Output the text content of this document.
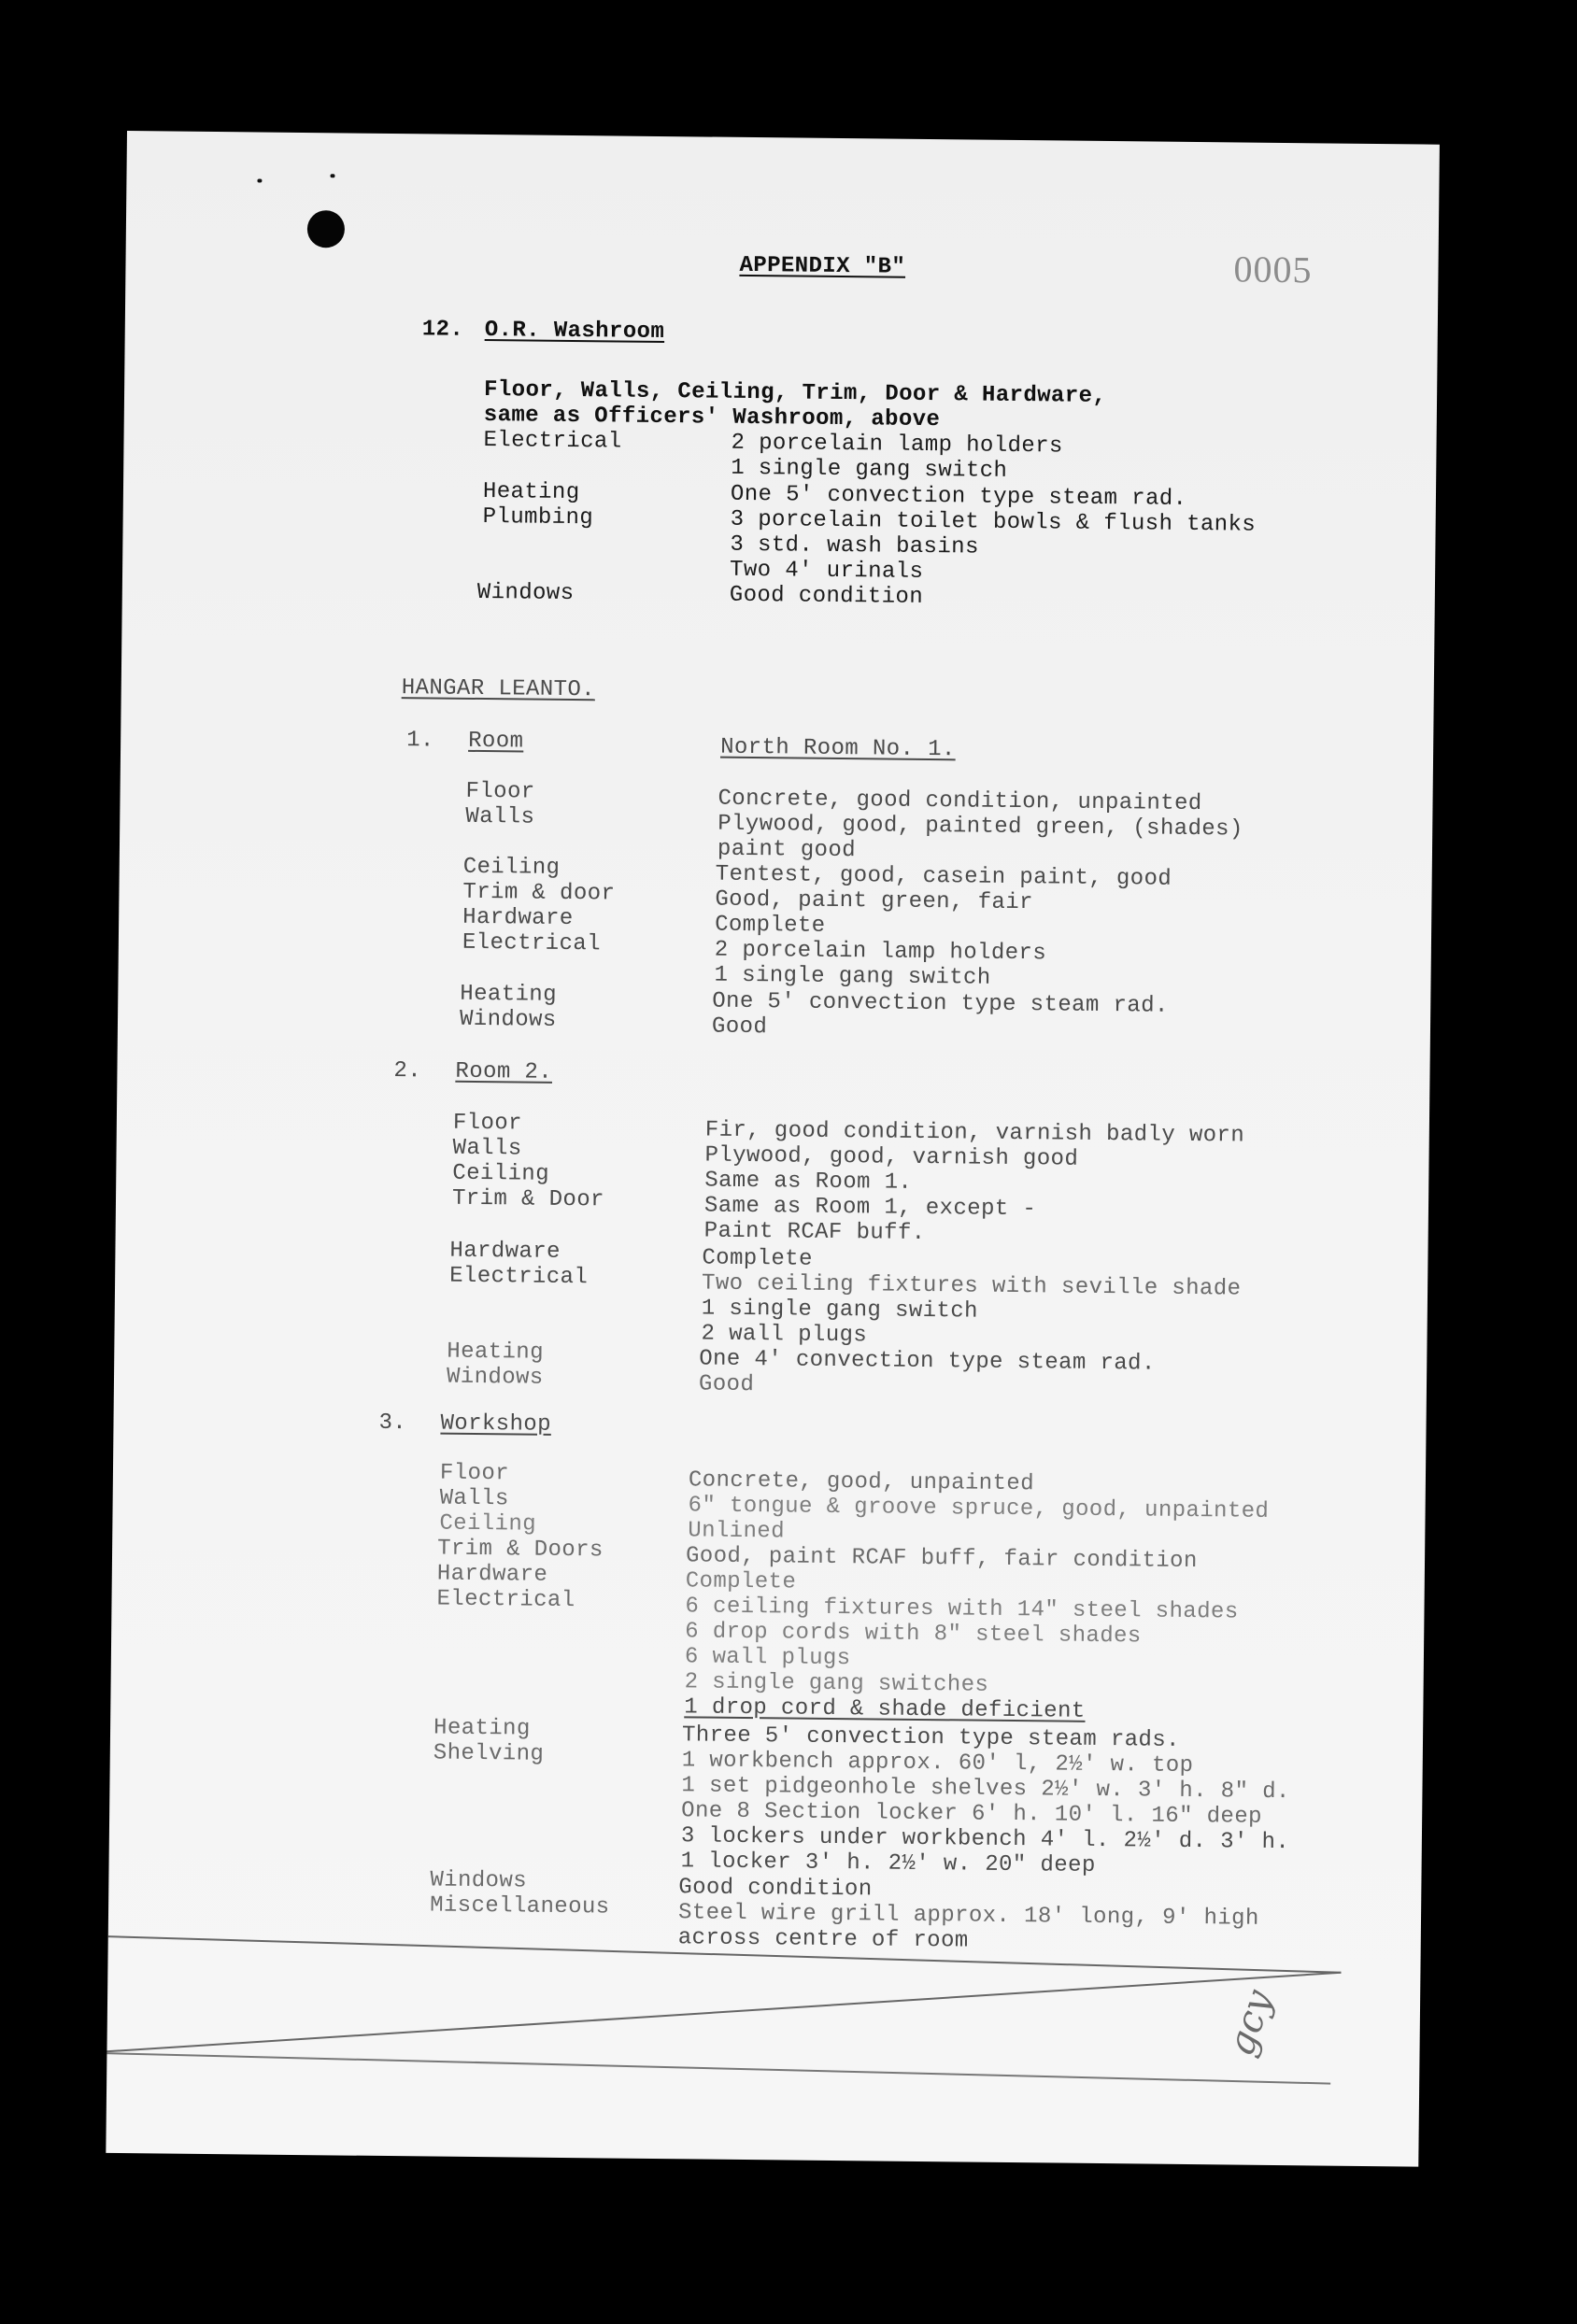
APPENDIX "B"	0005
12. O.R. Washroom
Floor, Walls, Ceiling, Trim, Door & Hardware,
same as Officers' Washroom, above
Electrical	2 porcelain lamp holders
1 single gang switch
Heating	One 5' convection type steam rad.
Plumbing	3 porcelain toilet bowls & flush tanks
3 std. wash basins
Two 4' urinals
Windows	Good condition
HANGAR LEANTO.
1. Room	North Room No. 1.
Floor	Concrete, good condition, unpainted
Walls	Plywood, good, painted green, (shades)
paint good
Ceiling	Tentest, good, casein paint, good
Trim & door	Good, paint green, fair
Hardware	Complete
Electrical	2 porcelain lamp holders
1 single gang switch
Heating	One 5' convection type steam rad.
Windows	Good
2. Room 2.
Floor	Fir, good condition, varnish badly worn
Walls	Plywood, good, varnish good
Ceiling	Same as Room 1.
Trim & Door	Same as Room 1, except -
Paint RCAF buff.
Hardware	Complete
Electrical	Two ceiling fixtures with seville shade
1 single gang switch
2 wall plugs
Heating	One 4' convection type steam rad.
Windows	Good
3. Workshop
Floor	Concrete, good, unpainted
Walls	6" tongue & groove spruce, good, unpainted
Ceiling	Unlined
Trim & Doors	Good, paint RCAF buff, fair condition
Hardware	Complete
Electrical	6 ceiling fixtures with 14" steel shades
6 drop cords with 8" steel shades
6 wall plugs
2 single gang switches
1 drop cord & shade deficient
Heating	Three 5' convection type steam rads.
Shelving	1 workbench approx. 60' l, 2½' w. top
1 set pidgeonhole shelves 2½' w. 3' h. 8" d.
One 8 Section locker 6' h. 10' l. 16" deep
3 lockers under workbench 4' l. 2½' d. 3' h.
1 locker 3' h. 2½' w. 20" deep
Windows	Good condition
Miscellaneous	Steel wire grill approx. 18' long, 9' high
across centre of room
gcy
